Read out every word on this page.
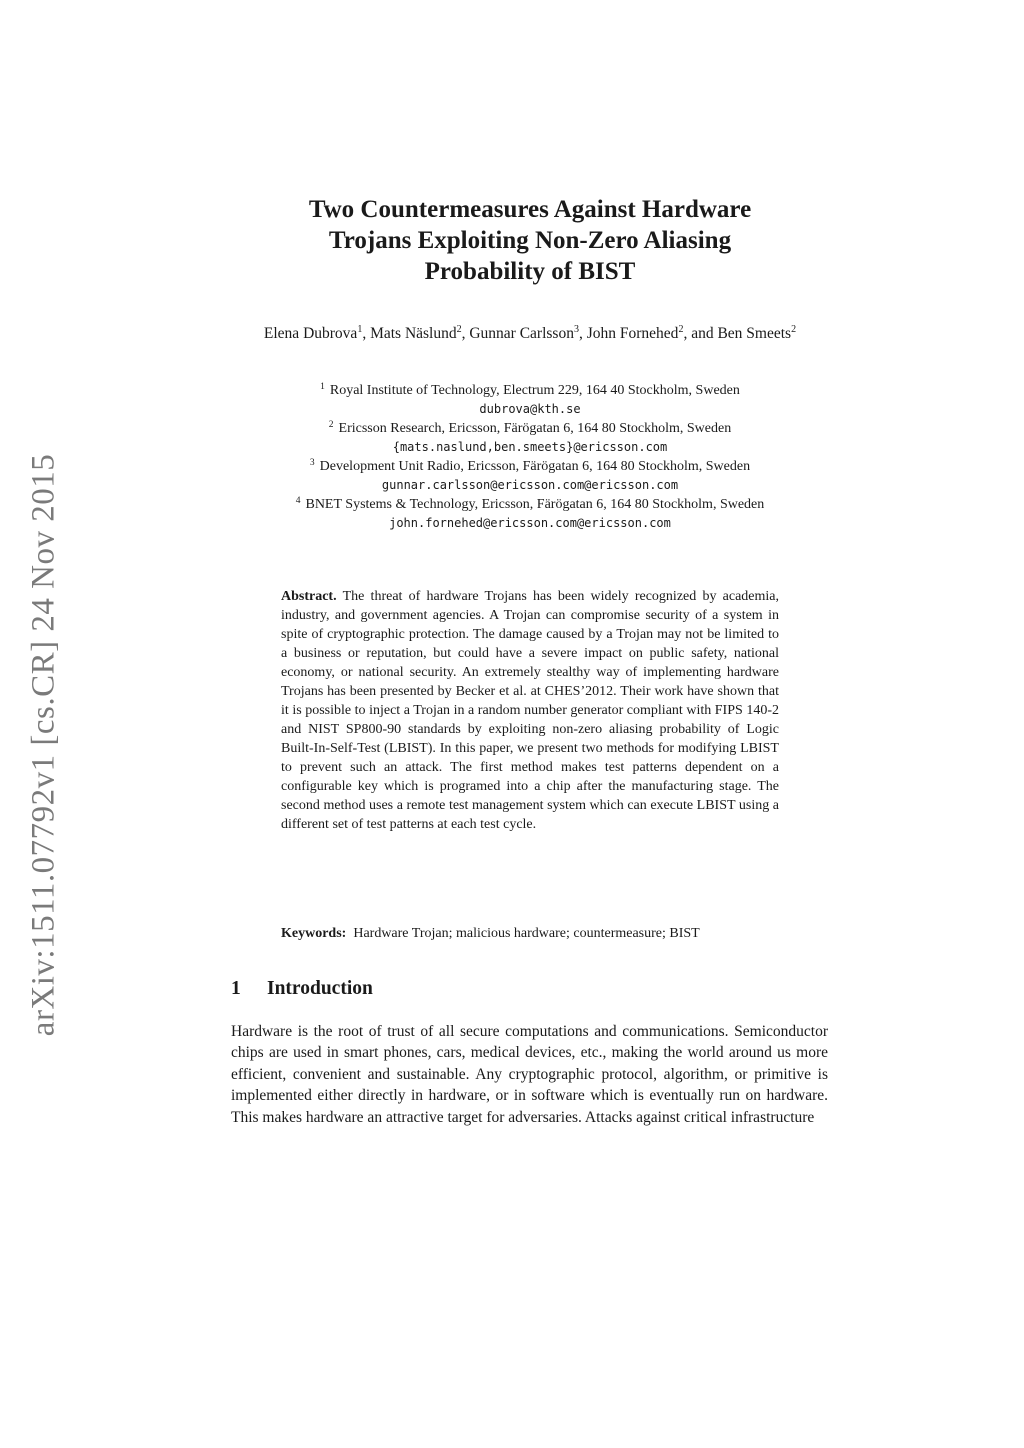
arXiv:1511.07792v1 [cs.CR] 24 Nov 2015
Two Countermeasures Against Hardware
Trojans Exploiting Non-Zero Aliasing
Probability of BIST
Elena Dubrova$^1$, Mats Näslund$^2$, Gunnar Carlsson$^3$, John Fornehed$^2$, and Ben Smeets$^2$
$^1$ Royal Institute of Technology, Electrum 229, 164 40 Stockholm, Sweden
dubrova@kth.se
$^2$ Ericsson Research, Ericsson, Färögatan 6, 164 80 Stockholm, Sweden
{mats.naslund,ben.smeets}@ericsson.com
$^3$ Development Unit Radio, Ericsson, Färögatan 6, 164 80 Stockholm, Sweden
gunnar.carlsson@ericsson.com@ericsson.com
$^4$ BNET Systems & Technology, Ericsson, Färögatan 6, 164 80 Stockholm, Sweden
john.fornehed@ericsson.com@ericsson.com
Abstract. The threat of hardware Trojans has been widely recognized by academia, industry, and government agencies. A Trojan can compromise security of a system in spite of cryptographic protection. The damage caused by a Trojan may not be limited to a business or reputation, but could have a severe impact on public safety, national economy, or national security. An extremely stealthy way of implementing hardware Trojans has been presented by Becker et al. at CHES’2012. Their work have shown that it is possible to inject a Trojan in a random number generator compliant with FIPS 140-2 and NIST SP800-90 standards by exploiting non-zero aliasing probability of Logic Built-In-Self-Test (LBIST). In this paper, we present two methods for modifying LBIST to prevent such an attack. The first method makes test patterns dependent on a configurable key which is programed into a chip after the manufacturing stage. The second method uses a remote test management system which can execute LBIST using a different set of test patterns at each test cycle.
Keywords: Hardware Trojan; malicious hardware; countermeasure; BIST
1 Introduction
Hardware is the root of trust of all secure computations and communications. Semiconductor chips are used in smart phones, cars, medical devices, etc., making the world around us more efficient, convenient and sustainable. Any cryptographic protocol, algorithm, or primitive is implemented either directly in hardware, or in software which is eventually run on hardware. This makes hardware an attractive target for adversaries. Attacks against critical infrastructure
